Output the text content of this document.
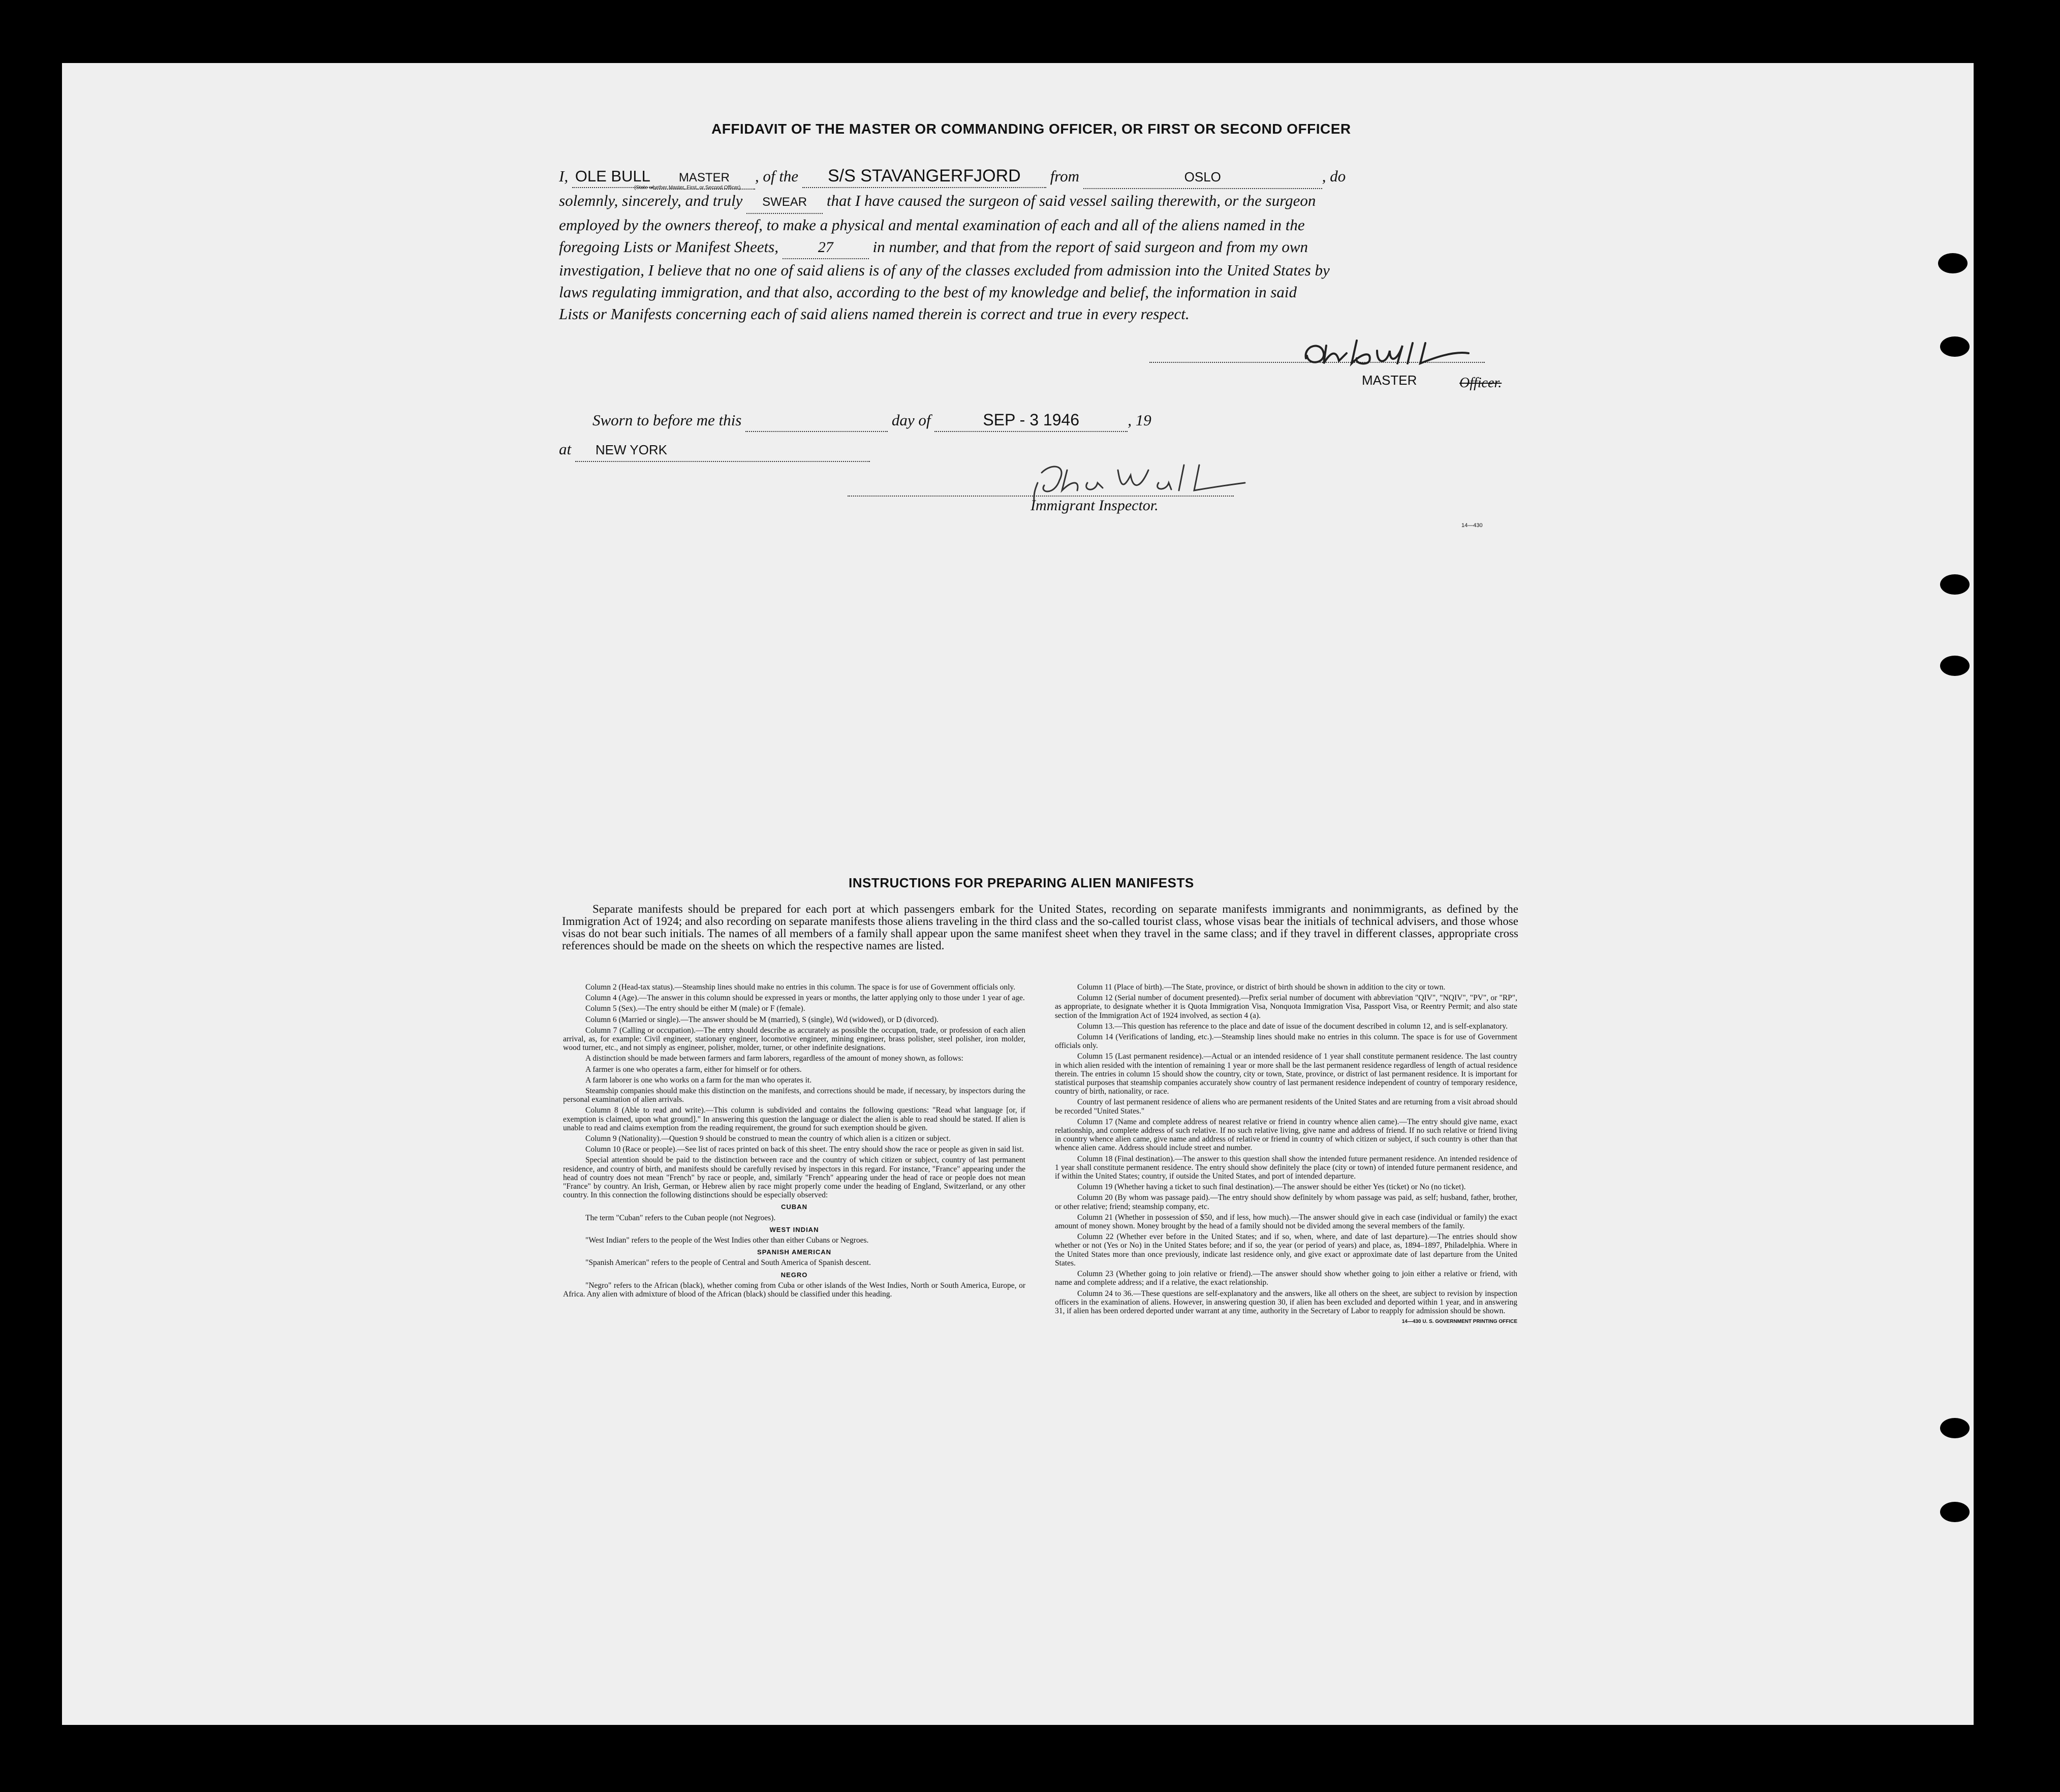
AFFIDAVIT OF THE MASTER OR COMMANDING OFFICER, OR FIRST OR SECOND OFFICER
I, OLE BULL MASTER , of the S/S STAVANGERFJORD from	OSLO	, do
(State whether Master, First, or Second Officer)
solemnly, sincerely, and truly SWEAR that I have caused the surgeon of said vessel sailing therewith, or the surgeon
employed by the owners thereof, to make a physical and mental examination of each and all of the aliens named in the
foregoing Lists or Manifest Sheets,	27	in number, and that from the report of said surgeon and from my own
investigation, I believe that no one of said aliens is of any of the classes excluded from admission into the United States by
laws regulating immigration, and that also, according to the best of my knowledge and belief, the information in said
Lists or Manifests concerning each of said aliens named therein is correct and true in every respect.
MASTER	Officer.
Sworn to before me this	day of	SEP - 3 1946	, 19
at NEW YORK
Immigrant Inspector.
14—430
INSTRUCTIONS FOR PREPARING ALIEN MANIFESTS
Separate manifests should be prepared for each port at which passengers embark for the United States, recording on separate manifests immigrants and nonimmigrants, as defined by the Immigration Act of 1924; and also recording on separate manifests those aliens traveling in the third class and the so-called tourist class, whose visas bear the initials of technical advisers, and those whose visas do not bear such initials. The names of all members of a family shall appear upon the same manifest sheet when they travel in the same class; and if they travel in different classes, appropriate cross references should be made on the sheets on which the respective names are listed.

Column 2 (Head-tax status).—Steamship lines should make no entries in this column. The space is for use of Government officials only.

Column 4 (Age).—The answer in this column should be expressed in years or months, the latter applying only to those under 1 year of age.

Column 5 (Sex).—The entry should be either M (male) or F (female).

Column 6 (Married or single).—The answer should be M (married), S (single), Wd (widowed), or D (divorced).

Column 7 (Calling or occupation).—The entry should describe as accurately as possible the occupation, trade, or profession of each alien arrival, as, for example: Civil engineer, stationary engineer, locomotive engineer, mining engineer, brass polisher, steel polisher, iron molder, wood turner, etc., and not simply as engineer, polisher, molder, turner, or other indefinite designations.

A distinction should be made between farmers and farm laborers, regardless of the amount of money shown, as follows:

A farmer is one who operates a farm, either for himself or for others.

A farm laborer is one who works on a farm for the man who operates it.

Steamship companies should make this distinction on the manifests, and corrections should be made, if necessary, by inspectors during the personal examination of alien arrivals.

Column 8 (Able to read and write).—This column is subdivided and contains the following questions: "Read what language [or, if exemption is claimed, upon what ground]." In answering this question the language or dialect the alien is able to read should be stated. If alien is unable to read and claims exemption from the reading requirement, the ground for such exemption should be given.

Column 9 (Nationality).—Question 9 should be construed to mean the country of which alien is a citizen or subject.

Column 10 (Race or people).—See list of races printed on back of this sheet. The entry should show the race or people as given in said list.

Special attention should be paid to the distinction between race and the country of which citizen or subject, country of last permanent residence, and country of birth, and manifests should be carefully revised by inspectors in this regard. For instance, "France" appearing under the head of country does not mean "French" by race or people, and, similarly "French" appearing under the head of race or people does not mean "France" by country. An Irish, German, or Hebrew alien by race might properly come under the heading of England, Switzerland, or any other country. In this connection the following distinctions should be especially observed:

CUBAN

The term "Cuban" refers to the Cuban people (not Negroes).

WEST INDIAN

"West Indian" refers to the people of the West Indies other than either Cubans or Negroes.

SPANISH AMERICAN

"Spanish American" refers to the people of Central and South America of Spanish descent.

NEGRO

"Negro" refers to the African (black), whether coming from Cuba or other islands of the West Indies, North or South America, Europe, or Africa. Any alien with admixture of blood of the African (black) should be classified under this heading.

Column 11 (Place of birth).—The State, province, or district of birth should be shown in addition to the city or town.

Column 12 (Serial number of document presented).—Prefix serial number of document with abbreviation "QIV", "NQIV", "PV", or "RP", as appropriate, to designate whether it is Quota Immigration Visa, Nonquota Immigration Visa, Passport Visa, or Reentry Permit; and also state section of the Immigration Act of 1924 involved, as section 4 (a).

Column 13.—This question has reference to the place and date of issue of the document described in column 12, and is self-explanatory.

Column 14 (Verifications of landing, etc.).—Steamship lines should make no entries in this column. The space is for use of Government officials only.

Column 15 (Last permanent residence).—Actual or an intended residence of 1 year shall constitute permanent residence. The last country in which alien resided with the intention of remaining 1 year or more shall be the last permanent residence regardless of length of actual residence therein. The entries in column 15 should show the country, city or town, State, province, or district of last permanent residence. It is important for statistical purposes that steamship companies accurately show country of last permanent residence independent of country of temporary residence, country of birth, nationality, or race.

Country of last permanent residence of aliens who are permanent residents of the United States and are returning from a visit abroad should be recorded "United States."

Column 17 (Name and complete address of nearest relative or friend in country whence alien came).—The entry should give name, exact relationship, and complete address of such relative. If no such relative living, give name and address of friend. If no such relative or friend living in country whence alien came, give name and address of relative or friend in country of which citizen or subject, if such country is other than that whence alien came. Address should include street and number.

Column 18 (Final destination).—The answer to this question shall show the intended future permanent residence. An intended residence of 1 year shall constitute permanent residence. The entry should show definitely the place (city or town) of intended future permanent residence, and if within the United States; country, if outside the United States, and port of intended departure.

Column 19 (Whether having a ticket to such final destination).—The answer should be either Yes (ticket) or No (no ticket).

Column 20 (By whom was passage paid).—The entry should show definitely by whom passage was paid, as self; husband, father, brother, or other relative; friend; steamship company, etc.

Column 21 (Whether in possession of $50, and if less, how much).—The answer should give in each case (individual or family) the exact amount of money shown. Money brought by the head of a family should not be divided among the several members of the family.

Column 22 (Whether ever before in the United States; and if so, when, where, and date of last departure).—The entries should show whether or not (Yes or No) in the United States before; and if so, the year (or period of years) and place, as, 1894–1897, Philadelphia. Where in the United States more than once previously, indicate last residence only, and give exact or approximate date of last departure from the United States.

Column 23 (Whether going to join relative or friend).—The answer should show whether going to join either a relative or friend, with name and complete address; and if a relative, the exact relationship.

Column 24 to 36.—These questions are self-explanatory and the answers, like all others on the sheet, are subject to revision by inspection officers in the examination of aliens. However, in answering question 30, if alien has been excluded and deported within 1 year, and in answering 31, if alien has been ordered deported under warrant at any time, authority in the Secretary of Labor to reapply for admission should be shown.

14—430 U. S. GOVERNMENT PRINTING OFFICE
